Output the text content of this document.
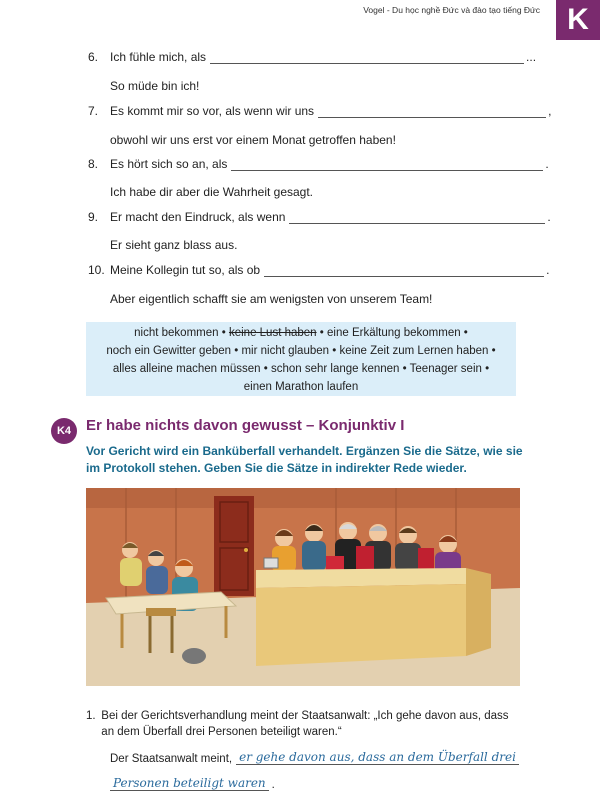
Vogel - Du học nghề Đức và đào tạo tiếng Đức K
6. Ich fühle mich, als	...
So müde bin ich!
7. Es kommt mir so vor, als wenn wir uns	,
obwohl wir uns erst vor einem Monat getroffen haben!
8. Es hört sich so an, als	.
Ich habe dir aber die Wahrheit gesagt.
9. Er macht den Eindruck, als wenn	.
Er sieht ganz blass aus.
10. Meine Kollegin tut so, als ob	.
Aber eigentlich schafft sie am wenigsten von unserem Team!
nicht bekommen • keine Lust haben • eine Erkältung bekommen •
noch ein Gewitter geben • mir nicht glauben • keine Zeit zum Lernen haben •
alles alleine machen müssen • schon sehr lange kennen • Teenager sein •
einen Marathon laufen
K4 Er habe nichts davon gewusst – Konjunktiv I
Vor Gericht wird ein Banküberfall verhandelt. Ergänzen Sie die Sätze, wie sie im Protokoll stehen. Geben Sie die Sätze in indirekter Rede wieder.
1. Bei der Gerichtsverhandlung meint der Staatsanwalt: „Ich gehe davon aus, dass an dem Überfall drei Personen beteiligt waren.“
Der Staatsanwalt meint, er gehe davon aus, dass an dem Überfall drei
Personen beteiligt waren .
